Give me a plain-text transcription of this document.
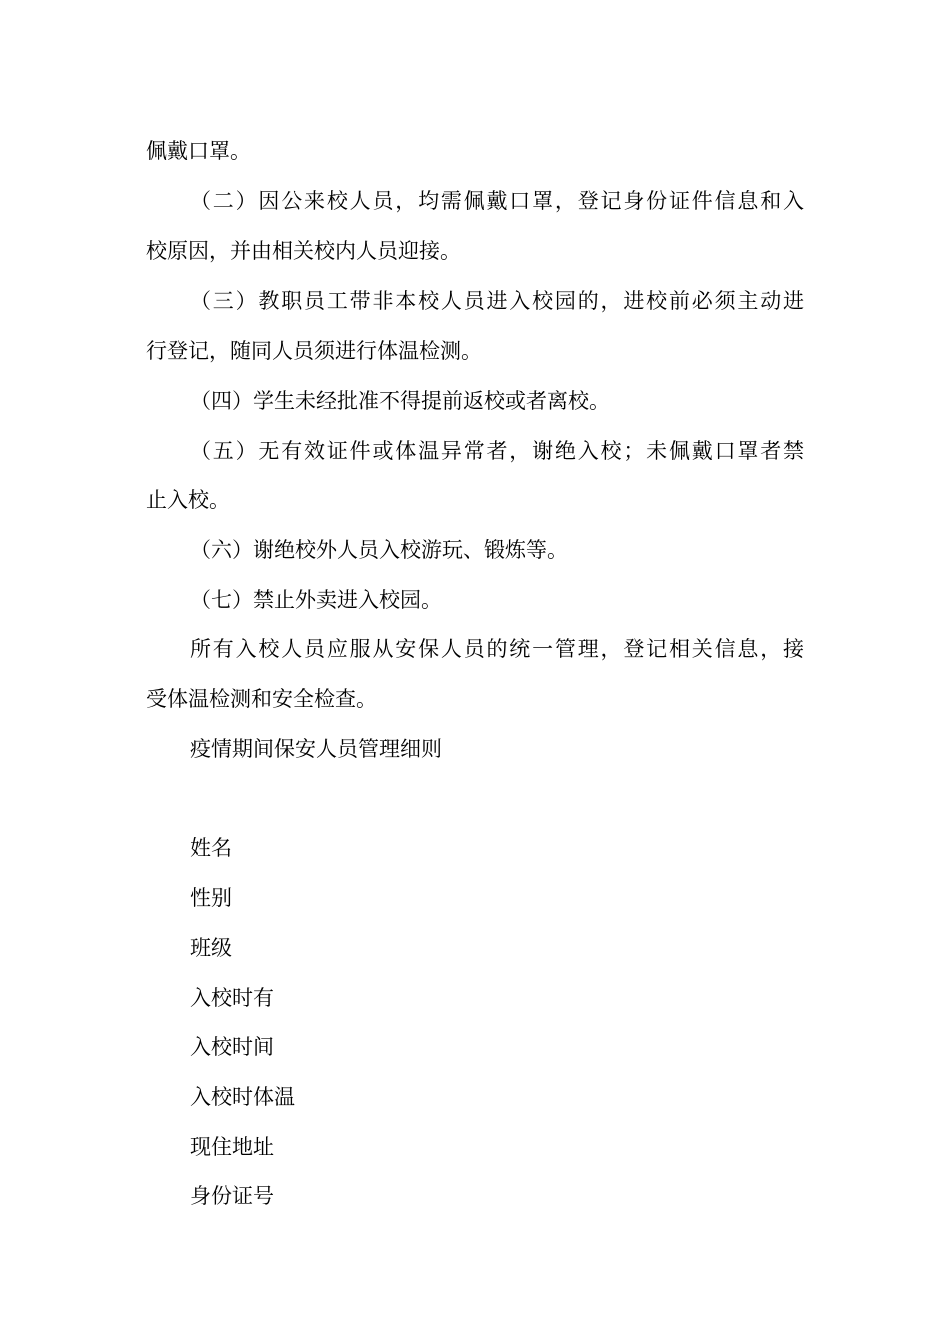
佩戴口罩。
（二）因公来校人员，均需佩戴口罩，登记身份证件信息和入
校原因，并由相关校内人员迎接。
（三）教职员工带非本校人员进入校园的，进校前必须主动进
行登记，随同人员须进行体温检测。
（四）学生未经批准不得提前返校或者离校。
（五）无有效证件或体温异常者，谢绝入校；未佩戴口罩者禁
止入校。
（六）谢绝校外人员入校游玩、锻炼等。
（七）禁止外卖进入校园。
所有入校人员应服从安保人员的统一管理，登记相关信息，接
受体温检测和安全检查。
疫情期间保安人员管理细则
姓名
性别
班级
入校时有
入校时间
入校时体温
现住地址
身份证号
